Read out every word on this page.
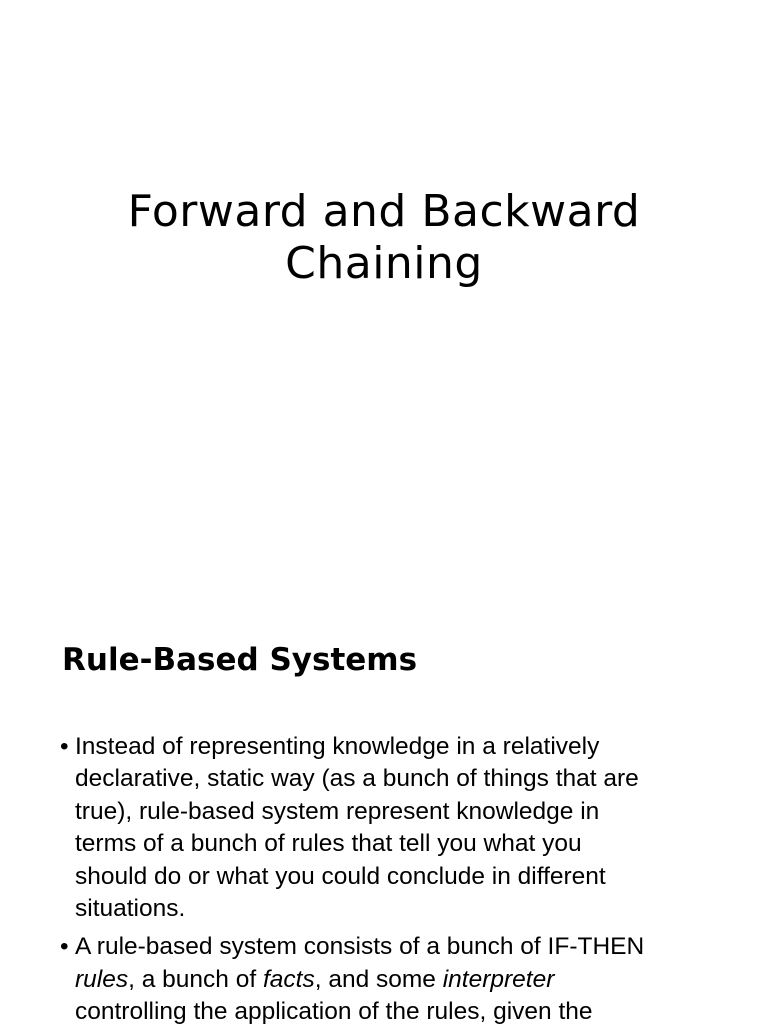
Forward and Backward
Chaining
Rule-Based Systems
• Instead of representing knowledge in a relatively
declarative, static way (as a bunch of things that are
true), rule-based system represent knowledge in
terms of a bunch of rules that tell you what you
should do or what you could conclude in different
situations.
• A rule-based system consists of a bunch of IF-THEN
rules, a bunch of facts, and some interpreter
controlling the application of the rules, given the
